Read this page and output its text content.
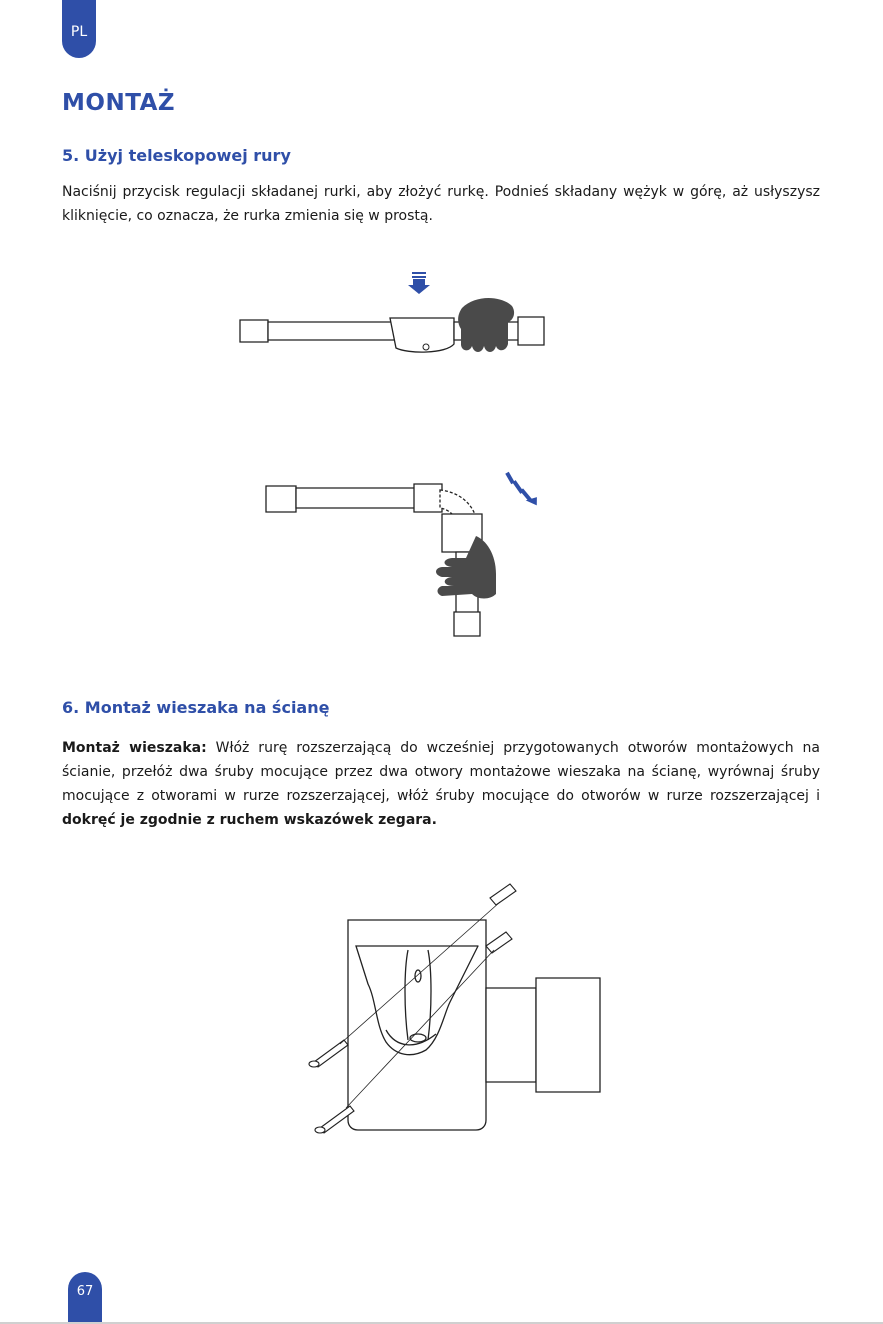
PL
MONTAŻ
5. Użyj teleskopowej rury

Naciśnij przycisk regulacji składanej rurki, aby złożyć rurkę. Podnieś składany wężyk w górę, aż usłyszysz kliknięcie, co oznacza, że rurka zmienia się w prostą.

6. Montaż wieszaka na ścianę

Montaż wieszaka: Włóż rurę rozszerzającą do wcześniej przygotowanych otworów montażowych na ścianie, przełóż dwa śruby mocujące przez dwa otwory montażowe wieszaka na ścianę, wyrównaj śruby mocujące z otworami w rurze rozszerzającej, włóż śruby mocujące do otworów w rurze rozszerzającej i dokręć je zgodnie z ruchem wskazówek zegara.

67
